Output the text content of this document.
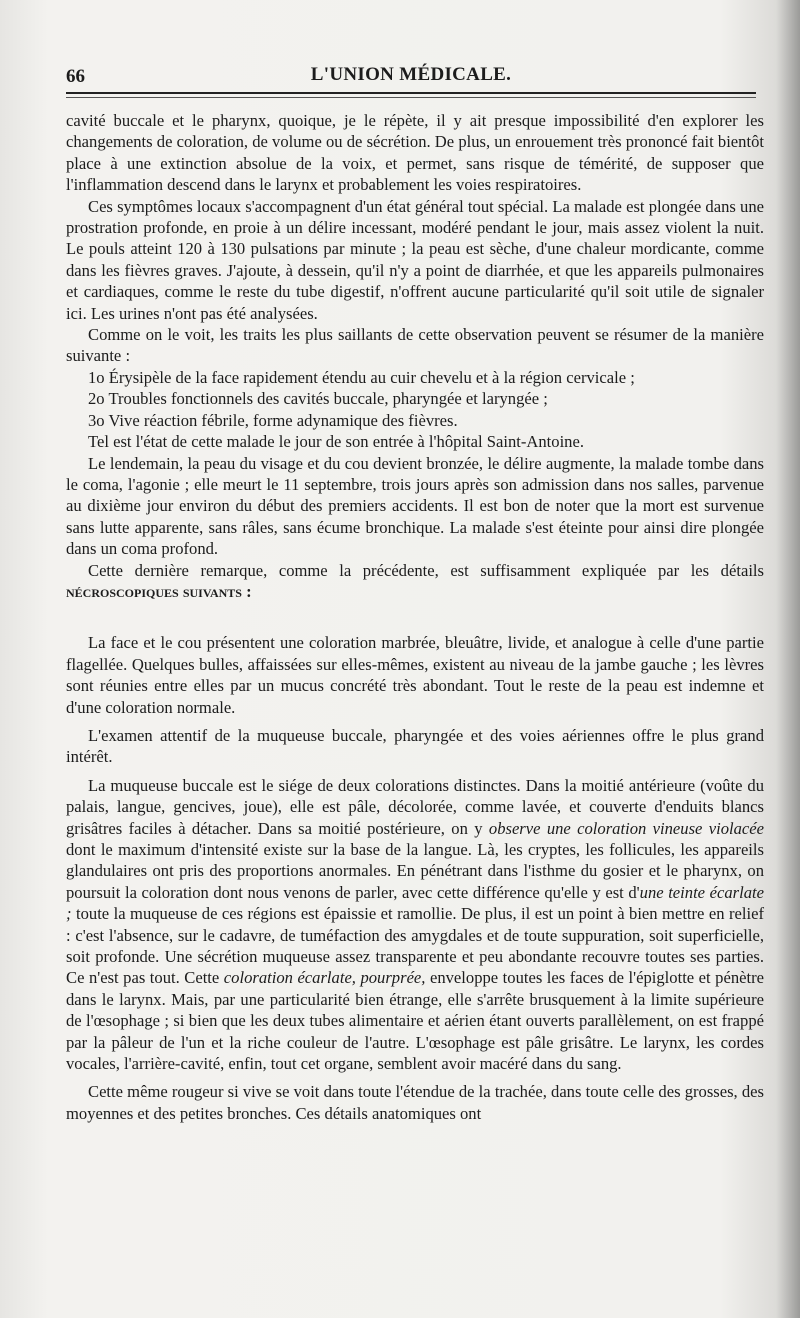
66	L'UNION MÉDICALE.

cavité buccale et le pharynx, quoique, je le répète, il y ait presque impossibilité d'en explorer les changements de coloration, de volume ou de sécrétion. De plus, un enrouement très prononcé fait bientôt place à une extinction absolue de la voix, et permet, sans risque de témérité, de supposer que l'inflammation descend dans le larynx et probablement les voies respiratoires.

Ces symptômes locaux s'accompagnent d'un état général tout spécial. La malade est plongée dans une prostration profonde, en proie à un délire incessant, modéré pendant le jour, mais assez violent la nuit. Le pouls atteint 120 à 130 pulsations par minute ; la peau est sèche, d'une chaleur mordicante, comme dans les fièvres graves. J'ajoute, à dessein, qu'il n'y a point de diarrhée, et que les appareils pulmonaires et cardiaques, comme le reste du tube digestif, n'offrent aucune particularité qu'il soit utile de signaler ici. Les urines n'ont pas été analysées.

Comme on le voit, les traits les plus saillants de cette observation peuvent se résumer de la manière suivante :

1o Érysipèle de la face rapidement étendu au cuir chevelu et à la région cervicale ;

2o Troubles fonctionnels des cavités buccale, pharyngée et laryngée ;

3o Vive réaction fébrile, forme adynamique des fièvres.

Tel est l'état de cette malade le jour de son entrée à l'hôpital Saint-Antoine.

Le lendemain, la peau du visage et du cou devient bronzée, le délire augmente, la malade tombe dans le coma, l'agonie ; elle meurt le 11 septembre, trois jours après son admission dans nos salles, parvenue au dixième jour environ du début des premiers accidents. Il est bon de noter que la mort est survenue sans lutte apparente, sans râles, sans écume bronchique. La malade s'est éteinte pour ainsi dire plongée dans un coma profond.

Cette dernière remarque, comme la précédente, est suffisamment expliquée par les détails nécroscopiques suivants :

La face et le cou présentent une coloration marbrée, bleuâtre, livide, et analogue à celle d'une partie flagellée. Quelques bulles, affaissées sur elles-mêmes, existent au niveau de la jambe gauche ; les lèvres sont réunies entre elles par un mucus concrété très abondant. Tout le reste de la peau est indemne et d'une coloration normale.

L'examen attentif de la muqueuse buccale, pharyngée et des voies aériennes offre le plus grand intérêt.

La muqueuse buccale est le siége de deux colorations distinctes. Dans la moitié antérieure (voûte du palais, langue, gencives, joue), elle est pâle, décolorée, comme lavée, et couverte d'enduits blancs grisâtres faciles à détacher. Dans sa moitié postérieure, on y observe une coloration vineuse violacée dont le maximum d'intensité existe sur la base de la langue. Là, les cryptes, les follicules, les appareils glandulaires ont pris des proportions anormales. En pénétrant dans l'isthme du gosier et le pharynx, on poursuit la coloration dont nous venons de parler, avec cette différence qu'elle y est d'une teinte écarlate ; toute la muqueuse de ces régions est épaissie et ramollie. De plus, il est un point à bien mettre en relief : c'est l'absence, sur le cadavre, de tuméfaction des amygdales et de toute suppuration, soit superficielle, soit profonde. Une sécrétion muqueuse assez transparente et peu abondante recouvre toutes ses parties. Ce n'est pas tout. Cette coloration écarlate, pourprée, enveloppe toutes les faces de l'épiglotte et pénètre dans le larynx. Mais, par une particularité bien étrange, elle s'arrête brusquement à la limite supérieure de l'œsophage ; si bien que les deux tubes alimentaire et aérien étant ouverts parallèlement, on est frappé par la pâleur de l'un et la riche couleur de l'autre. L'œsophage est pâle grisâtre. Le larynx, les cordes vocales, l'arrière-cavité, enfin, tout cet organe, semblent avoir macéré dans du sang.

Cette même rougeur si vive se voit dans toute l'étendue de la trachée, dans toute celle des grosses, des moyennes et des petites bronches. Ces détails anatomiques ont
